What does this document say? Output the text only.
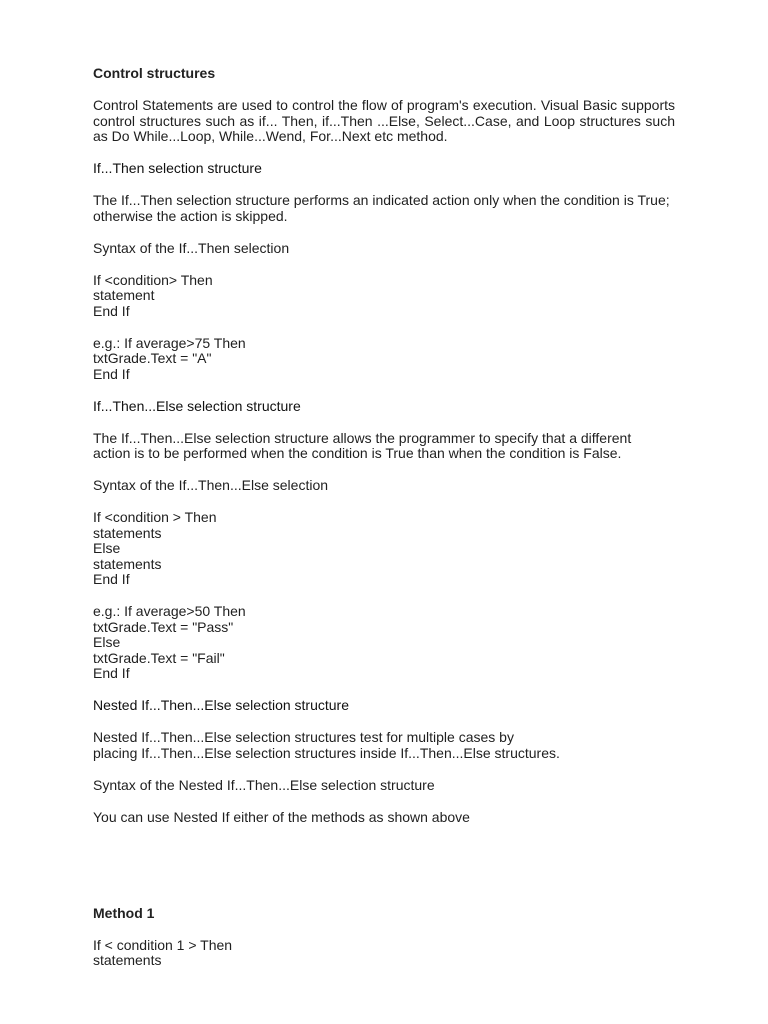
Control structures
Control Statements are used to control the flow of program's execution. Visual Basic supports control structures such as if... Then, if...Then ...Else, Select...Case, and Loop structures such as Do While...Loop, While...Wend, For...Next etc method.
If...Then selection structure
The If...Then selection structure performs an indicated action only when the condition is True; otherwise the action is skipped.
Syntax of the If...Then selection
If <condition> Then
statement
End If
e.g.: If average>75 Then
txtGrade.Text = "A"
End If
If...Then...Else selection structure
The If...Then...Else selection structure allows the programmer to specify that a different
action is to be performed when the condition is True than when the condition is False.
Syntax of the If...Then...Else selection
If <condition > Then
statements
Else
statements
End If
e.g.: If average>50 Then
txtGrade.Text = "Pass"
Else
txtGrade.Text = "Fail"
End If
Nested If...Then...Else selection structure
Nested If...Then...Else selection structures test for multiple cases by
placing If...Then...Else selection structures inside If...Then...Else structures.
Syntax of the Nested If...Then...Else selection structure
You can use Nested If either of the methods as shown above
Method 1
If < condition 1 > Then
statements
